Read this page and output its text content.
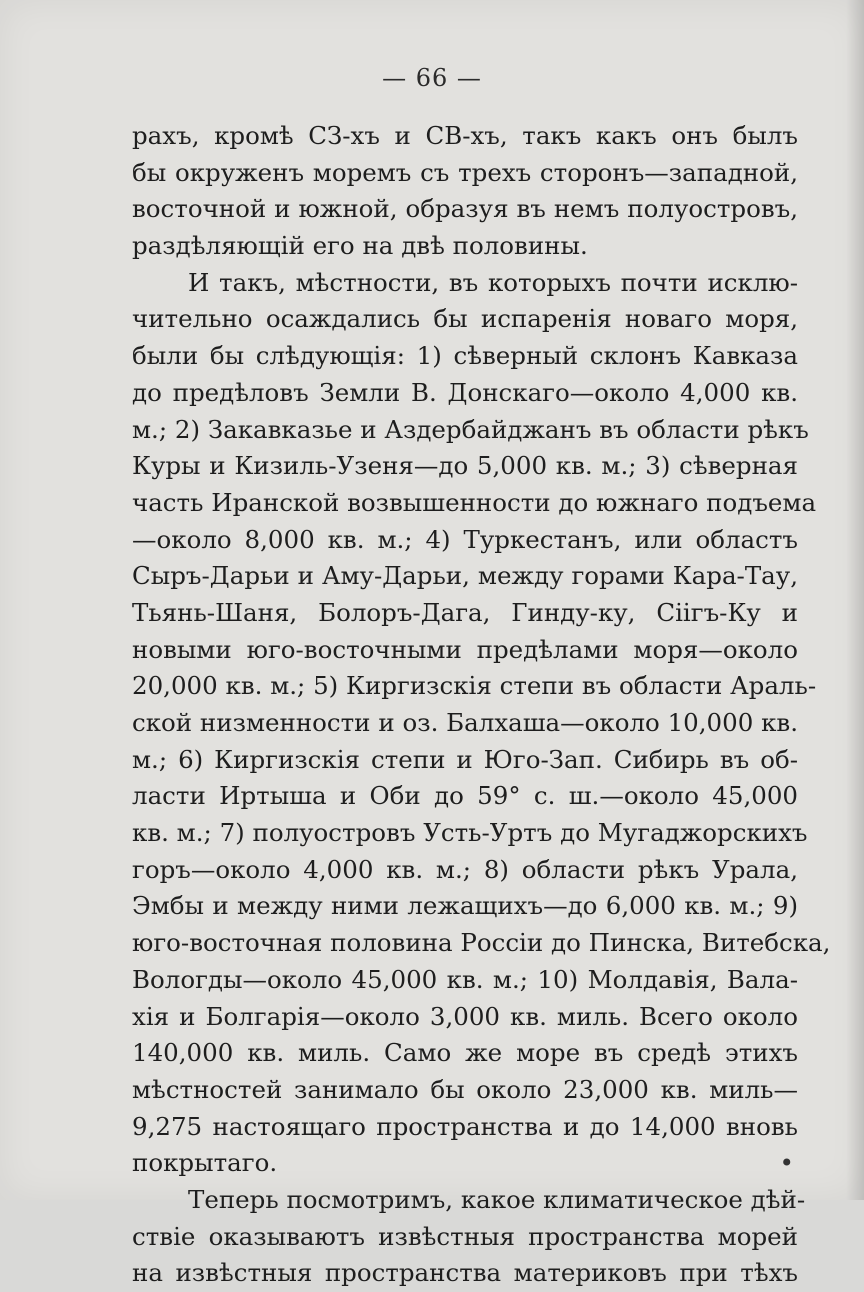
— 66 —
рахъ, кромѣ СЗ-хъ и СВ-хъ, такъ какъ онъ былъ
бы окруженъ моремъ съ трехъ сторонъ—западной,
восточной и южной, образуя въ немъ полуостровъ,
раздѣляющій его на двѣ половины.
И такъ, мѣстности, въ которыхъ почти исклю-
чительно осаждались бы испаренія новаго моря,
были бы слѣдующія: 1) сѣверный склонъ Кавказа
до предѣловъ Земли В. Донскаго—около 4,000 кв.
м.; 2) Закавказье и Аздербайджанъ въ области рѣкъ
Куры и Кизиль-Узеня—до 5,000 кв. м.; 3) сѣверная
часть Иранской возвышенности до южнаго подъема
—около 8,000 кв. м.; 4) Туркестанъ, или областъ
Сыръ-Дарьи и Аму-Дарьи, между горами Кара-Тау,
Тьянь-Шаня, Болоръ-Дага, Гинду-ку, Сіігъ-Ку и
новыми юго-восточными предѣлами моря—около
20,000 кв. м.; 5) Киргизскія степи въ области Араль-
ской низменности и оз. Балхаша—около 10,000 кв.
м.; 6) Киргизскія степи и Юго-Зап. Сибирь въ об-
ласти Иртыша и Оби до 59° с. ш.—около 45,000
кв. м.; 7) полуостровъ Усть-Уртъ до Мугаджорскихъ
горъ—около 4,000 кв. м.; 8) области рѣкъ Урала,
Эмбы и между ними лежащихъ—до 6,000 кв. м.; 9)
юго-восточная половина Россіи до Пинска, Витебска,
Вологды—около 45,000 кв. м.; 10) Молдавія, Вала-
хія и Болгарія—около 3,000 кв. миль. Всего около
140,000 кв. миль. Само же море въ средѣ этихъ
мѣстностей занимало бы около 23,000 кв. миль—
9,275 настоящаго пространства и до 14,000 вновь
покрытаго.	•
Теперь посмотримъ, какое климатическое дѣй-
ствіе оказываютъ извѣстныя пространства морей
на извѣстныя пространства материковъ при тѣхъ
